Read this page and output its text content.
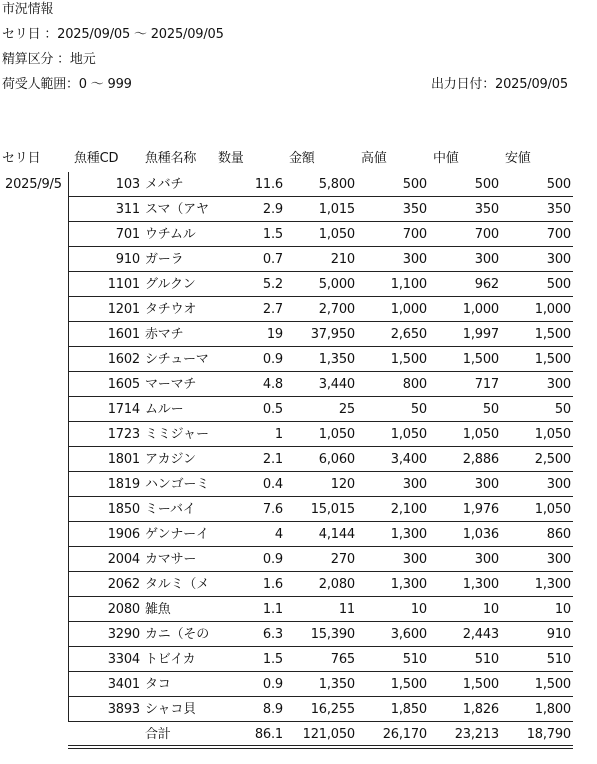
市況情報
セリ日 ：2025/09/05 〜 2025/09/05
精算区分 ：地元
荷受人範囲：0 〜 999	出力日付：2025/09/05
セリ日	魚種CD 魚種名称 数量	金額	高値	中値	安値
2025/9/5	103 メバチ	11.6	5,800	500	500	500
311 スマ（アヤ	2.9	1,015	350	350	350
701 ウチムル	1.5	1,050	700	700	700
910 ガーラ	0.7	210	300	300	300
1101 グルクン	5.2	5,000	1,100	962	500
1201 タチウオ	2.7	2,700	1,000	1,000	1,000
1601 赤マチ	19	37,950	2,650	1,997	1,500
1602 シチューマ	0.9	1,350	1,500	1,500	1,500
1605 マーマチ	4.8	3,440	800	717	300
1714 ムルー	0.5	25	50	50	50
1723 ミミジャー	1	1,050	1,050	1,050	1,050
1801 アカジン	2.1	6,060	3,400	2,886	2,500
1819 ハンゴーミ	0.4	120	300	300	300
1850 ミーバイ	7.6	15,015	2,100	1,976	1,050
1906 ゲンナーイ	4	4,144	1,300	1,036	860
2004 カマサー	0.9	270	300	300	300
2062 タルミ（メ	1.6	2,080	1,300	1,300	1,300
2080 雑魚	1.1	11	10	10	10
3290 カニ（その	6.3	15,390	3,600	2,443	910
3304 トビイカ	1.5	765	510	510	510
3401 タコ	0.9	1,350	1,500	1,500	1,500
3893 シャコ貝	8.9	16,255	1,850	1,826	1,800
合計	86.1	121,050	26,170	23,213	18,790
